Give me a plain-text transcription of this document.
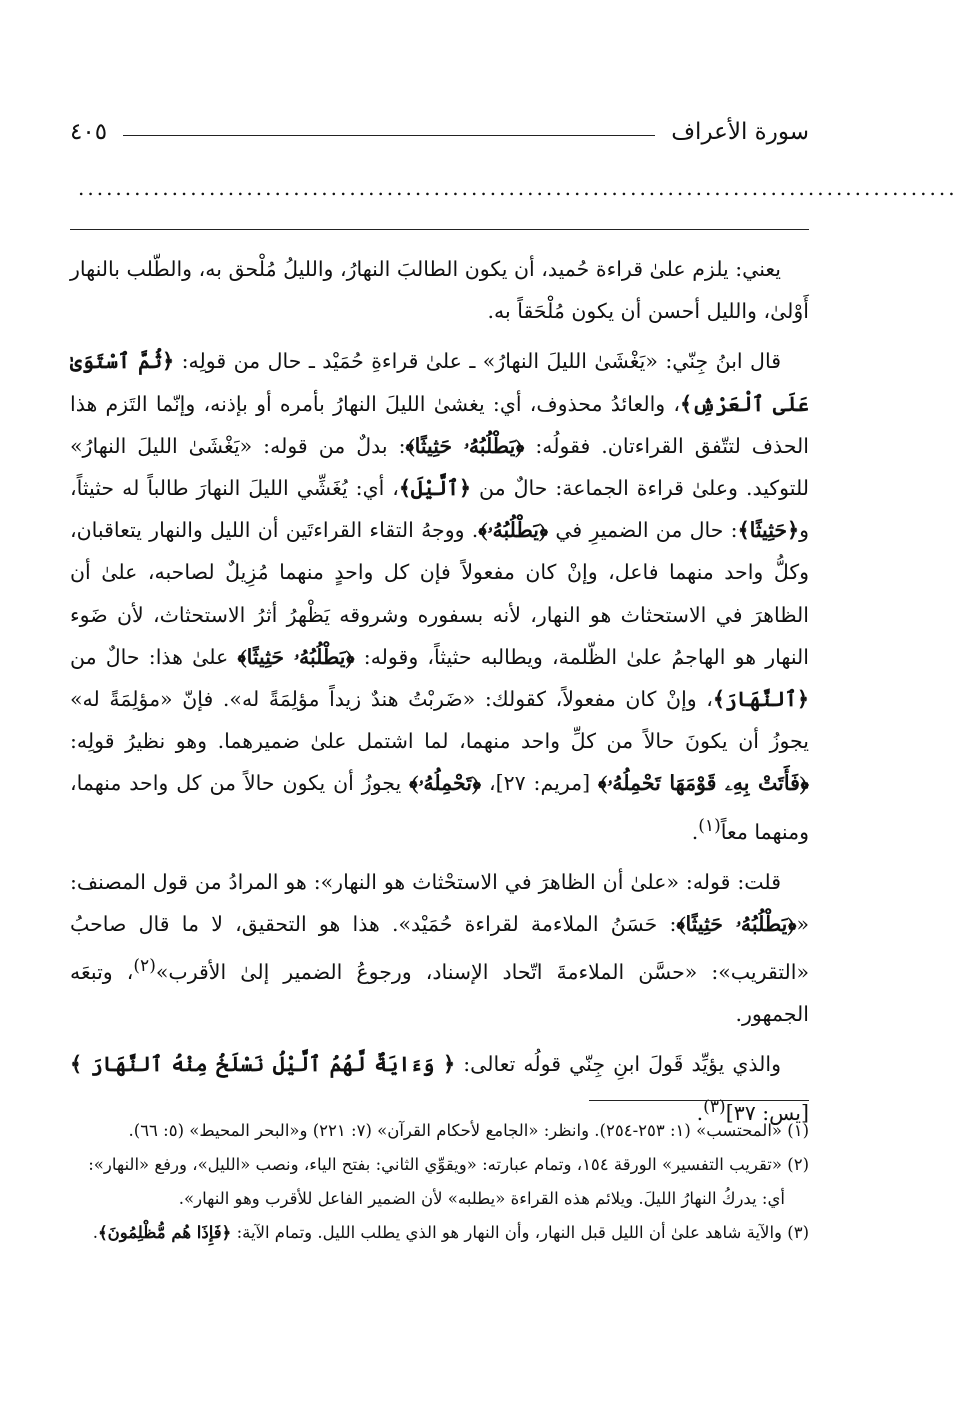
سورة الأعراف
٤٠٥
..............................................................................................

يعني: يلزم علىٰ قراءة حُميد، أن يكون الطالبَ النهارُ، والليلُ مُلْحق به، والطّلب بالنهار أَوْلىٰ، والليل أحسن أن يكون مُلْحَقاً به.

قال ابنُ جِنّي: «يَغْشَىٰ الليلَ النهارُ» ـ علىٰ قراءةِ حُمَيْد ـ حال من قولِه: ﴿ثُمَّ ٱسْتَوَىٰ عَلَى ٱلْعَرْشِ﴾، والعائدُ محذوف، أي: يغشىٰ الليلَ النهارُ بأمره أو بإذنه، وإنّما التَزم هذا الحذف لتتّفق القراءتان. فقولُه: ﴿يَطْلُبُهُۥ حَثِيثًا﴾: بدلٌ من قوله: «يَغْشَىٰ الليلَ النهارُ» للتوكيد. وعلىٰ قراءة الجماعة: حالٌ من ﴿ٱلَّيْلَ﴾، أي: يُغَشِّي الليلَ النهارَ طالباً له حثيثاً، و﴿حَثِيثًا﴾: حال من الضميرِ في ﴿يَطْلُبُهُۥ﴾. ووجهُ التقاء القراءتَين أن الليل والنهار يتعاقبان، وكلُّ واحد منهما فاعل، وإنْ كان مفعولاً فإن كل واحدٍ منهما مُزِيلٌ لصاحبه، علىٰ أن الظاهرَ في الاستحثاث هو النهار، لأنه بسفوره وشروقه يَظْهرُ أثرُ الاستحثاث، لأن ضَوء النهار هو الهاجمُ علىٰ الظّلمة، ويطالبه حثيثاً، وقوله: ﴿يَطْلُبُهُۥ حَثِيثًا﴾ علىٰ هذا: حالٌ من ﴿ٱلنَّهَارَ﴾، وإنْ كان مفعولاً، كقولك: «ضَربْتُ هندٌ زيداً مؤلِمَةً له». فإنّ «مؤلِمَةً له» يجوزُ أن يكونَ حالاً من كلِّ واحد منهما، لما اشتمل علىٰ ضميرهما. وهو نظيرُ قولِه: ﴿فَأَتَتْ بِهِۦ قَوْمَهَا تَحْمِلُهُۥ﴾ [مريم: ٢٧]، ﴿تَحْمِلُهُۥ﴾ يجوزُ أن يكون حالاً من كل واحد منهما، ومنهما معاً$^{(١)}$.

قلت: قوله: «علىٰ أن الظاهرَ في الاستحْثاث هو النهار»: هو المرادُ من قول المصنف: «﴿يَطْلُبُهُۥ حَثِيثًا﴾: حَسَنُ الملاءمة لقراءة حُمَيْد». هذا هو التحقيق، لا ما قال صاحبُ «التقريب»: «حسَّن الملاءمةَ اتّحاد الإسناد، ورجوعُ الضمير إلىٰ الأقرب»$^{(٢)}$، وتبعَه الجمهور.

والذي يؤيِّد قَولَ ابنِ جِنّي قولُه تعالى: ﴿ وَءَايَةٌ لَّهُمُ ٱلَّيْلُ نَسْلَخُ مِنْهُ ٱلنَّهَارَ ﴾ [يس: ٣٧]$^{(٣)}$.

(١) «المحتسب» (١: ٢٥٣-٢٥٤). وانظر: «الجامع لأحكام القرآن» (٧: ٢٢١) و«البحر المحيط» (٥: ٦٦).

(٢) «تقريب التفسير» الورقة ١٥٤، وتمام عبارته: «ويقوِّي الثاني: بفتح الياء، ونصب «الليل»، ورفع «النهار»:

أي: يدركُ النهارُ الليلَ. ويلائم هذه القراءة «يطلبه» لأن الضمير الفاعل للأقرب وهو النهار».

(٣) والآية شاهد علىٰ أن الليل قبل النهار، وأن النهار هو الذي يطلب الليل. وتمام الآية: ﴿فَإِذَا هُم مُّظْلِمُونَ﴾.
